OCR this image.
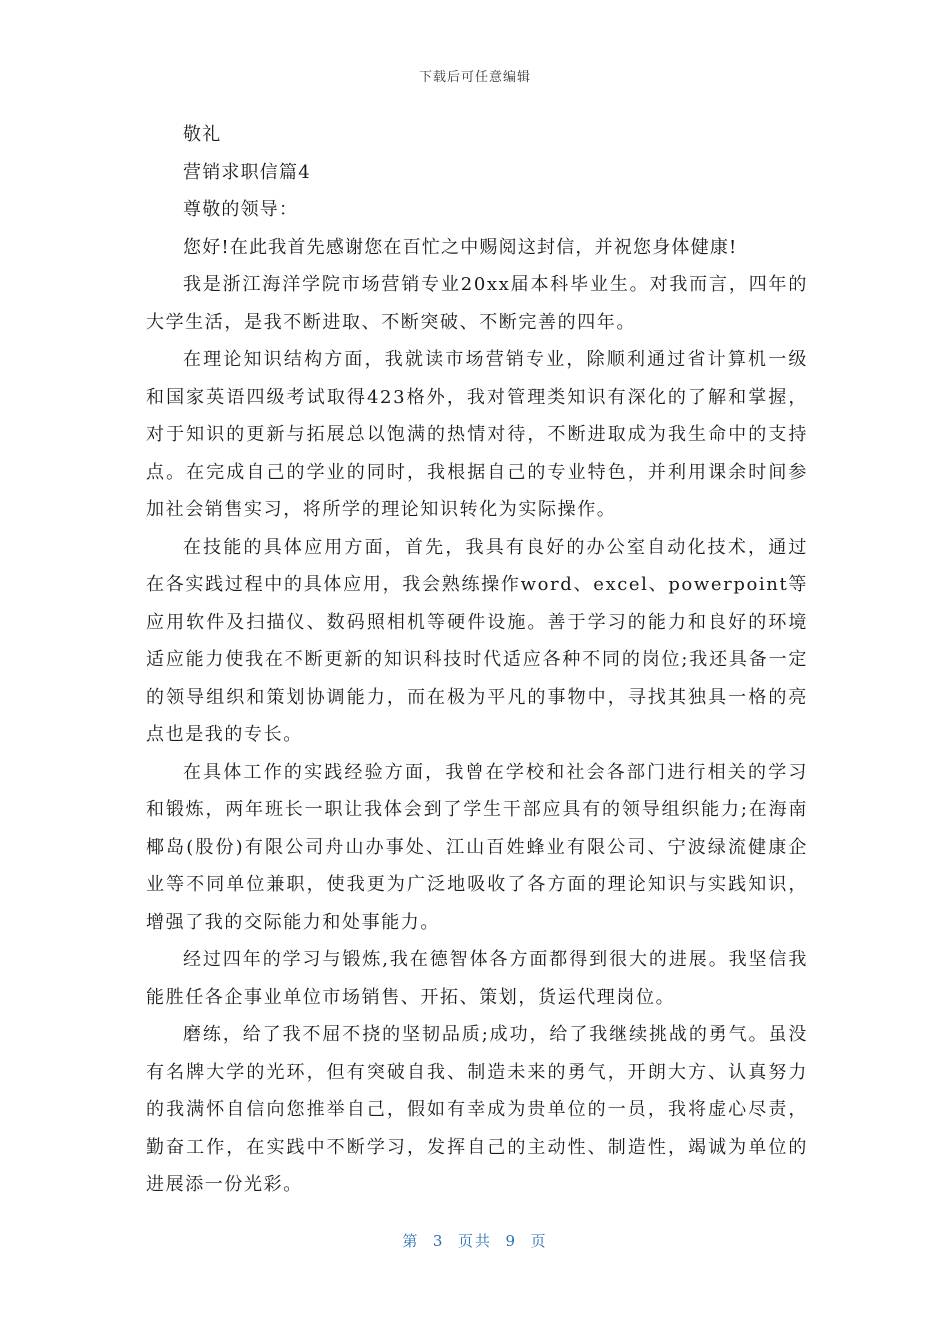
下载后可任意编辑
敬礼
营销求职信篇4
尊敬的领导：
您好!在此我首先感谢您在百忙之中赐阅这封信，并祝您身体健康!

我是浙江海洋学院市场营销专业20xx届本科毕业生。对我而言，四年的大学生活，是我不断进取、不断突破、不断完善的四年。

在理论知识结构方面，我就读市场营销专业，除顺利通过省计算机一级和国家英语四级考试取得423格外，我对管理类知识有深化的了解和掌握，对于知识的更新与拓展总以饱满的热情对待，不断进取成为我生命中的支持点。在完成自己的学业的同时，我根据自己的专业特色，并利用课余时间参加社会销售实习，将所学的理论知识转化为实际操作。

在技能的具体应用方面，首先，我具有良好的办公室自动化技术，通过在各实践过程中的具体应用，我会熟练操作word、excel、powerpoint等应用软件及扫描仪、数码照相机等硬件设施。善于学习的能力和良好的环境适应能力使我在不断更新的知识科技时代适应各种不同的岗位;我还具备一定的领导组织和策划协调能力，而在极为平凡的事物中，寻找其独具一格的亮点也是我的专长。

在具体工作的实践经验方面，我曾在学校和社会各部门进行相关的学习和锻炼，两年班长一职让我体会到了学生干部应具有的领导组织能力;在海南椰岛(股份)有限公司舟山办事处、江山百姓蜂业有限公司、宁波绿流健康企业等不同单位兼职，使我更为广泛地吸收了各方面的理论知识与实践知识，增强了我的交际能力和处事能力。

经过四年的学习与锻炼,我在德智体各方面都得到很大的进展。我坚信我能胜任各企事业单位市场销售、开拓、策划，货运代理岗位。

磨练，给了我不屈不挠的坚韧品质;成功，给了我继续挑战的勇气。虽没有名牌大学的光环，但有突破自我、制造未来的勇气，开朗大方、认真努力的我满怀自信向您推举自己，假如有幸成为贵单位的一员，我将虚心尽责，勤奋工作，在实践中不断学习，发挥自己的主动性、制造性，竭诚为单位的进展添一份光彩。

第  3  页共  9  页
